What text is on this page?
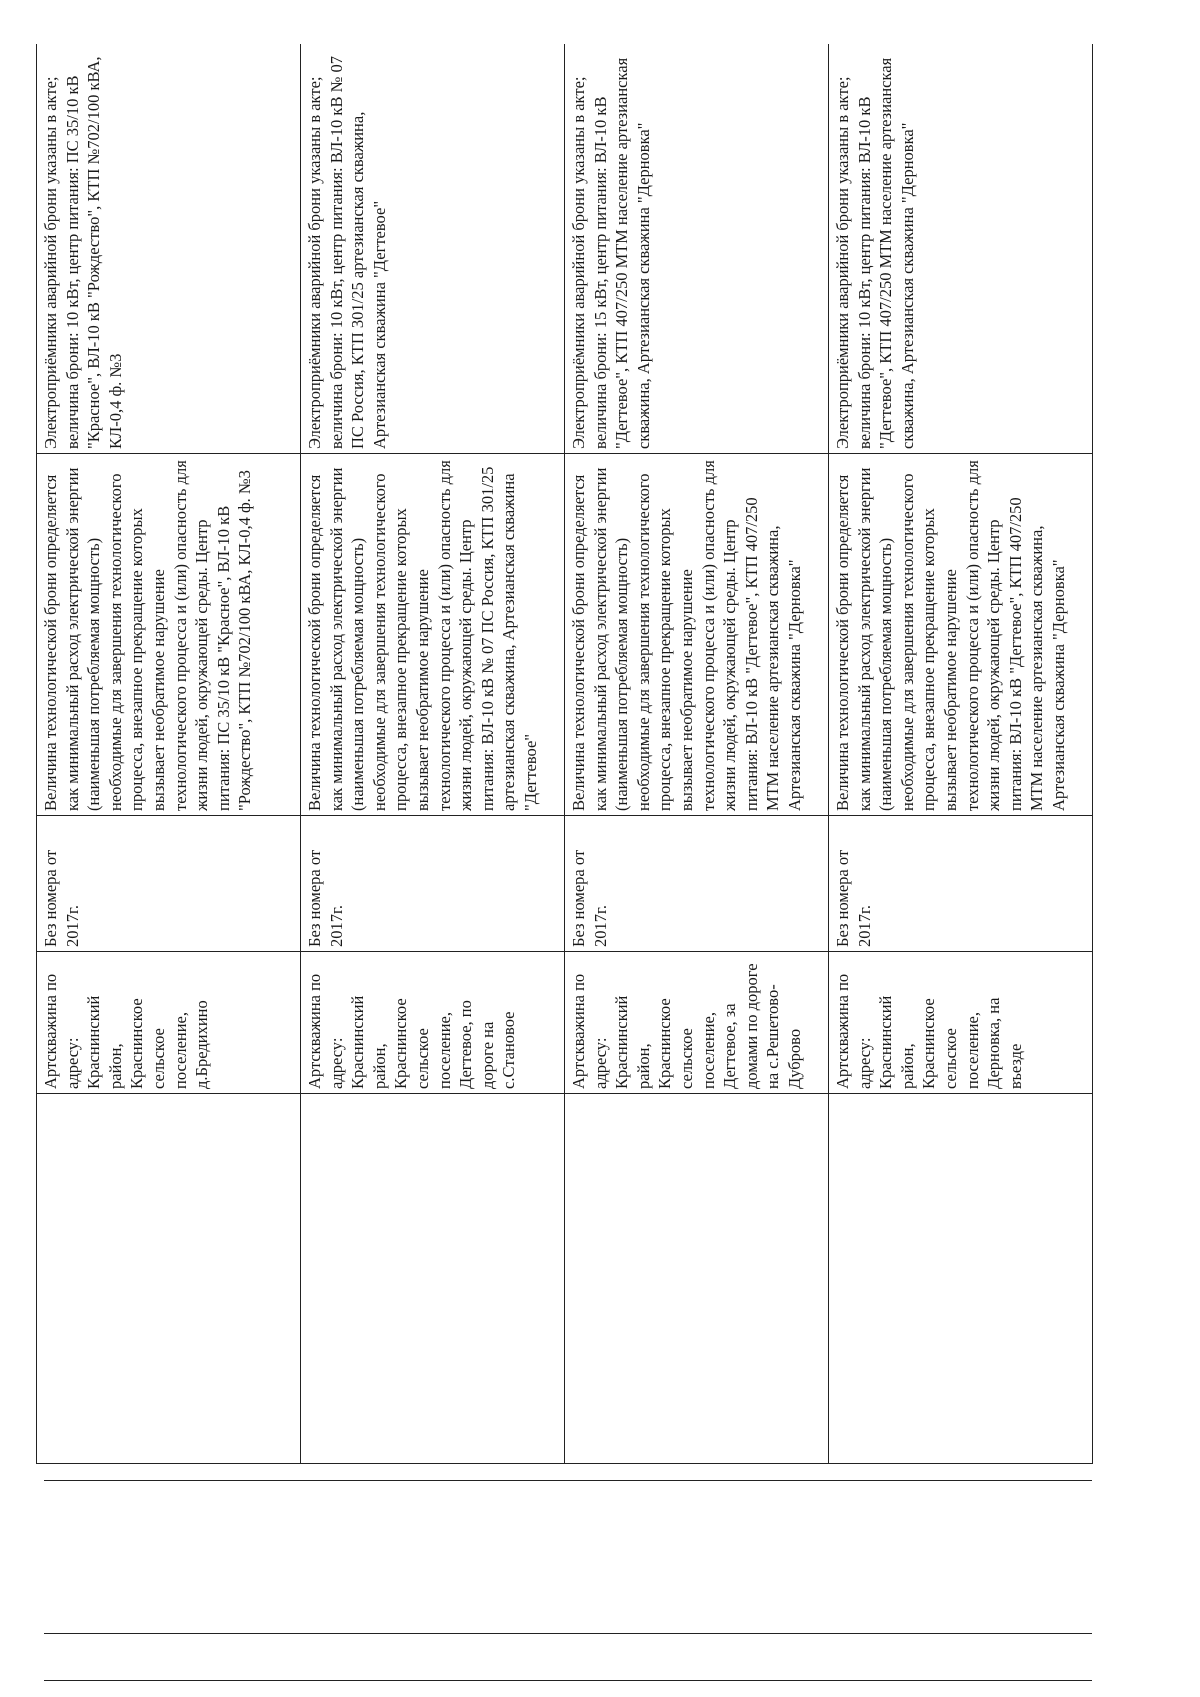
	Артскважина по адресу: Краснинский район, Краснинское сельское поселение, д.Бредихино	Без номера от 2017г.	Величина технологической брони определяется как минимальный расход электрической энергии (наименьшая потребляемая мощность) необходимые для завершения технологического процесса, внезапное прекращение которых вызывает необратимое нарушение технологического процесса и (или) опасность для жизни людей, окружающей среды. Центр питания: ПС 35/10 кВ "Красное", ВЛ-10 кВ "Рождество", КТП №702/100 кВА, КЛ-0,4 ф. №3	Электроприёмники аварийной брони указаны в акте; величина брони: 10 кВт, центр питания: ПС 35/10 кВ "Красное", ВЛ-10 кВ "Рождество", КТП №702/100 кВА, КЛ-0,4 ф. №3
	Артскважина по адресу: Краснинский район, Краснинское сельское поселение, Дегтевое, по дороге на с.Становое	Без номера от 2017г.	Величина технологической брони определяется как минимальный расход электрической энергии (наименьшая потребляемая мощность) необходимые для завершения технологического процесса, внезапное прекращение которых вызывает необратимое нарушение технологического процесса и (или) опасность для жизни людей, окружающей среды. Центр питания: ВЛ-10 кВ № 07 ПС Россия, КТП 301/25 артезианская скважина, Артезианская скважина "Дегтевое"	Электроприёмники аварийной брони указаны в акте; величина брони: 10 кВт, центр питания: ВЛ-10 кВ № 07 ПС Россия, КТП 301/25 артезианская скважина, Артезианская скважина "Дегтевое"
	Артскважина по адресу: Краснинский район, Краснинское сельское поселение, Дегтевое, за домами по дороге на с.Решетово-Дуброво	Без номера от 2017г.	Величина технологической брони определяется как минимальный расход электрической энергии (наименьшая потребляемая мощность) необходимые для завершения технологического процесса, внезапное прекращение которых вызывает необратимое нарушение технологического процесса и (или) опасность для жизни людей, окружающей среды. Центр питания: ВЛ-10 кВ "Дегтевое", КТП 407/250 МТМ население артезианская скважина, Артезианская скважина "Дерновка"	Электроприёмники аварийной брони указаны в акте; величина брони: 15 кВт, центр питания: ВЛ-10 кВ "Дегтевое", КТП 407/250 МТМ население артезианская скважина, Артезианская скважина "Дерновка"
	Артскважина по адресу: Краснинский район, Краснинское сельское поселение, Дерновка, на въезде	Без номера от 2017г.	Величина технологической брони определяется как минимальный расход электрической энергии (наименьшая потребляемая мощность) необходимые для завершения технологического процесса, внезапное прекращение которых вызывает необратимое нарушение технологического процесса и (или) опасность для жизни людей, окружающей среды. Центр питания: ВЛ-10 кВ "Дегтевое", КТП 407/250 МТМ население артезианская скважина, Артезианская скважина "Дерновка"	Электроприёмники аварийной брони указаны в акте; величина брони: 10 кВт, центр питания: ВЛ-10 кВ "Дегтевое", КТП 407/250 МТМ население артезианская скважина, Артезианская скважина "Дерновка"
